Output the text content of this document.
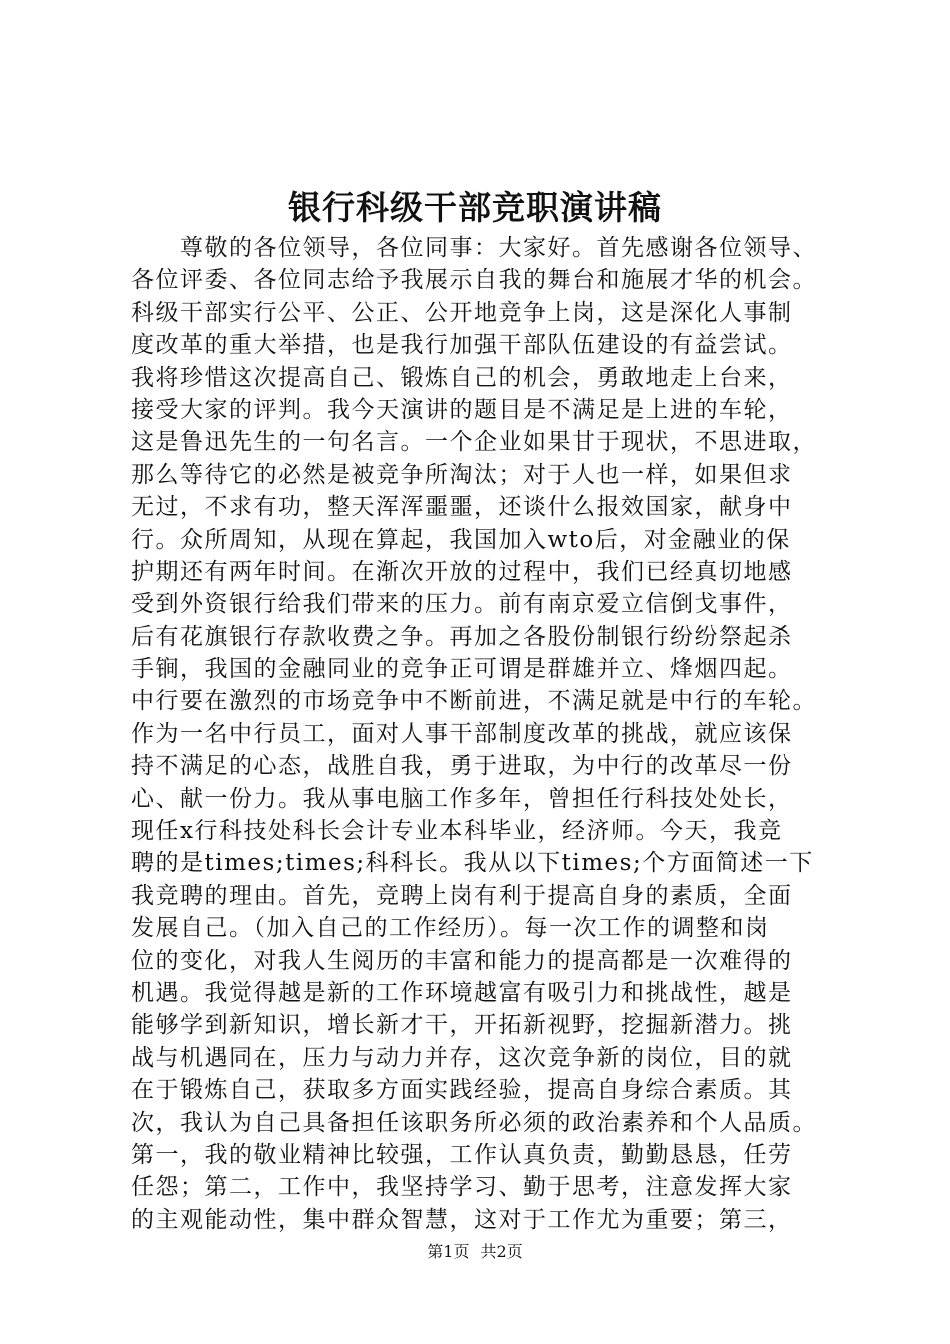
银行科级干部竞职演讲稿
　　尊敬的各位领导，各位同事：大家好。首先感谢各位领导、
各位评委、各位同志给予我展示自我的舞台和施展才华的机会。
科级干部实行公平、公正、公开地竞争上岗，这是深化人事制
度改革的重大举措，也是我行加强干部队伍建设的有益尝试。
我将珍惜这次提高自己、锻炼自己的机会，勇敢地走上台来，
接受大家的评判。我今天演讲的题目是不满足是上进的车轮，
这是鲁迅先生的一句名言。一个企业如果甘于现状，不思进取，
那么等待它的必然是被竞争所淘汰；对于人也一样，如果但求
无过，不求有功，整天浑浑噩噩，还谈什么报效国家，献身中
行。众所周知，从现在算起，我国加入wto后，对金融业的保
护期还有两年时间。在渐次开放的过程中，我们已经真切地感
受到外资银行给我们带来的压力。前有南京爱立信倒戈事件，
后有花旗银行存款收费之争。再加之各股份制银行纷纷祭起杀
手锏，我国的金融同业的竞争正可谓是群雄并立、烽烟四起。
中行要在激烈的市场竞争中不断前进，不满足就是中行的车轮。
作为一名中行员工，面对人事干部制度改革的挑战，就应该保
持不满足的心态，战胜自我，勇于进取，为中行的改革尽一份
心、献一份力。我从事电脑工作多年，曾担任行科技处处长，
现任x行科技处科长会计专业本科毕业，经济师。今天，我竞
聘的是times;times;科科长。我从以下times;个方面简述一下
我竞聘的理由。首先，竞聘上岗有利于提高自身的素质，全面
发展自己。（加入自己的工作经历）。每一次工作的调整和岗
位的变化，对我人生阅历的丰富和能力的提高都是一次难得的
机遇。我觉得越是新的工作环境越富有吸引力和挑战性，越是
能够学到新知识，增长新才干，开拓新视野，挖掘新潜力。挑
战与机遇同在，压力与动力并存，这次竞争新的岗位，目的就
在于锻炼自己，获取多方面实践经验，提高自身综合素质。其
次，我认为自己具备担任该职务所必须的政治素养和个人品质。
第一，我的敬业精神比较强，工作认真负责，勤勤恳恳，任劳
任怨；第二，工作中，我坚持学习、勤于思考，注意发挥大家
的主观能动性，集中群众智慧，这对于工作尤为重要；第三，
第1页 共2页
